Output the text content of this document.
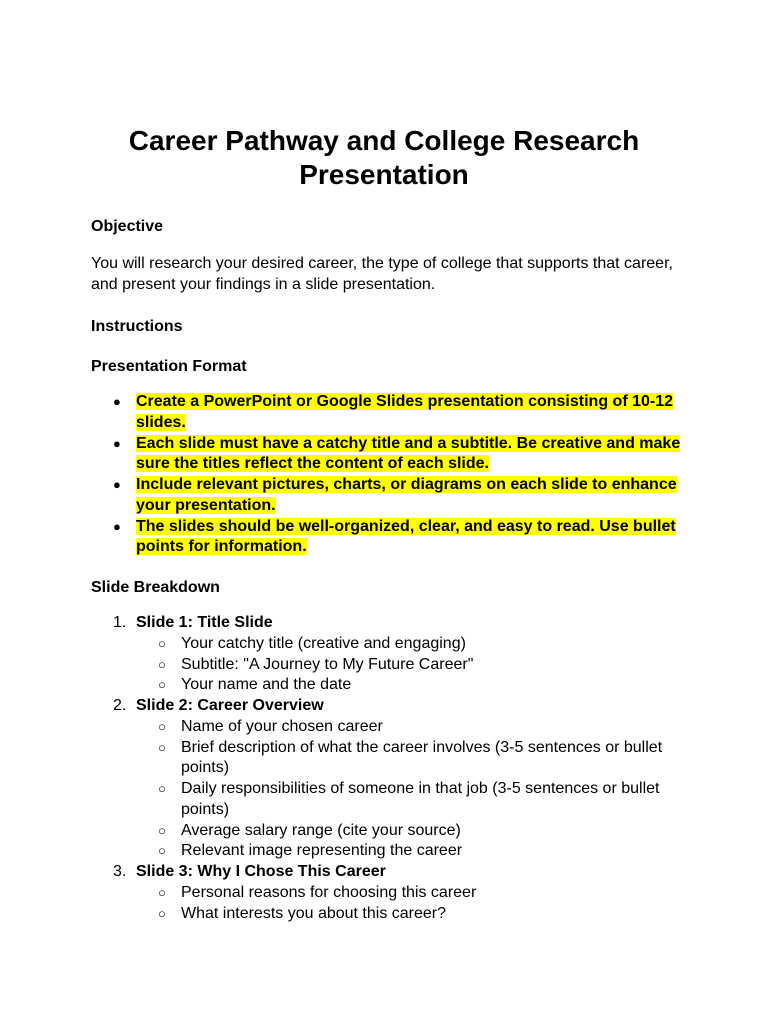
Career Pathway and College Research Presentation

Objective

You will research your desired career, the type of college that supports that career, and present your findings in a slide presentation.

Instructions

Presentation Format

● Create a PowerPoint or Google Slides presentation consisting of 10-12 slides.
● Each slide must have a catchy title and a subtitle. Be creative and make sure the titles reflect the content of each slide.
● Include relevant pictures, charts, or diagrams on each slide to enhance your presentation.
● The slides should be well-organized, clear, and easy to read. Use bullet points for information.

Slide Breakdown

1. Slide 1: Title Slide
○ Your catchy title (creative and engaging)
○ Subtitle: "A Journey to My Future Career"
○ Your name and the date
2. Slide 2: Career Overview
○ Name of your chosen career
○ Brief description of what the career involves (3-5 sentences or bullet points)
○ Daily responsibilities of someone in that job (3-5 sentences or bullet points)
○ Average salary range (cite your source)
○ Relevant image representing the career
3. Slide 3: Why I Chose This Career
○ Personal reasons for choosing this career
○ What interests you about this career?
